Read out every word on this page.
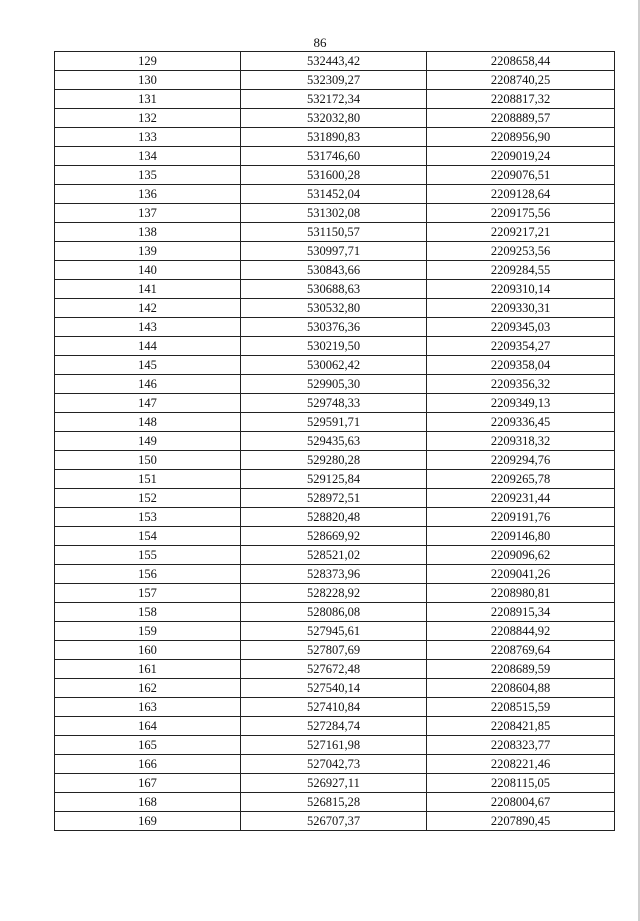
86
129	532443,42	2208658,44
130	532309,27	2208740,25
131	532172,34	2208817,32
132	532032,80	2208889,57
133	531890,83	2208956,90
134	531746,60	2209019,24
135	531600,28	2209076,51
136	531452,04	2209128,64
137	531302,08	2209175,56
138	531150,57	2209217,21
139	530997,71	2209253,56
140	530843,66	2209284,55
141	530688,63	2209310,14
142	530532,80	2209330,31
143	530376,36	2209345,03
144	530219,50	2209354,27
145	530062,42	2209358,04
146	529905,30	2209356,32
147	529748,33	2209349,13
148	529591,71	2209336,45
149	529435,63	2209318,32
150	529280,28	2209294,76
151	529125,84	2209265,78
152	528972,51	2209231,44
153	528820,48	2209191,76
154	528669,92	2209146,80
155	528521,02	2209096,62
156	528373,96	2209041,26
157	528228,92	2208980,81
158	528086,08	2208915,34
159	527945,61	2208844,92
160	527807,69	2208769,64
161	527672,48	2208689,59
162	527540,14	2208604,88
163	527410,84	2208515,59
164	527284,74	2208421,85
165	527161,98	2208323,77
166	527042,73	2208221,46
167	526927,11	2208115,05
168	526815,28	2208004,67
169	526707,37	2207890,45
